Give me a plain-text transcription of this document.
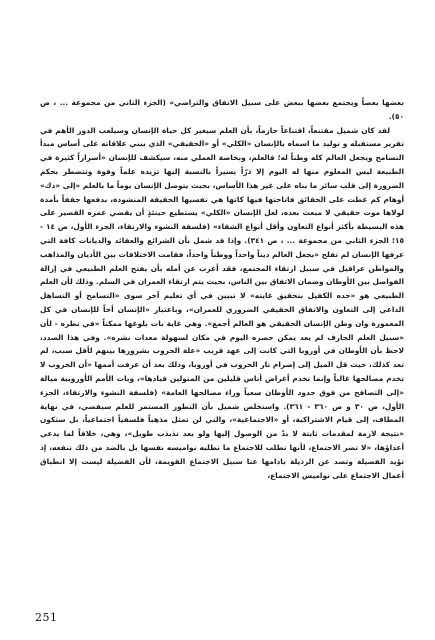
بعضها بعضاً ويجتمع بعضها ببعض على سبيل الاتفاق والتراضي» (الجزء الثاني من مجموعة ... ، ص ٥٠).

لقد كان شميل مقتنعاً، اقتناعاً حازماً، بأن العلم سيغير كل حياة الإنسان وسيلعب الدور الأهم في تقرير مستقبله و توليد ما اسماه بالإنسان «الكلي» أو «الحقيقي» الذي يبني علاقاته على أساس مبدأ التسامح ويجعل العالم كله وطناً له؛ فالعلم، وبخاصة العملي منه، سيكشف للإنسان «أسراراً كثيرة في الطبيعة ليس المعلوم منها له اليوم إلا ذرّاً يسيراً بالنسبة إليها تزيده علماً وقوة وتتضطر بحكم الضرورة إلى قلب سائر ما بناه على غير هذا الأساس، بحيث يتوصل الإنسان يوماً ما بالعلم «إلى «دك» أوهام كم غطت على الحقائق فاتاحتها فيها كاتها هي تفسيها الحقيقة المنشودة، بدفعها جففاً بأمدة لولاها موت حقيقي لا مبعث بعده، لعل الإنسان «الكلي» يستطيع حينئذٍ أن يقضي عمره القصير على هذه البسيطة بأكثر أنواع التعاون وأقل أنواع الشقاء» (فلسفة النشوء والارتقاء، الجزء الأول، ص ١٤ - ١٥؛ الجزء الثاني من مجموعة ... ، ص ٣٤١). وإذا قد شمل بأن الشرائع والعقائد والديانات كافة التي عرفها الإنسان لم تفلح «بجعل العالم ديناً واحداً ووطناً واحداً، فقامت الاختلافات بين الأديان والمذاهب والمواطن عراقيل في سبيل ارتقاء المجتمع، فقد أعرب عن أمله بأن يفتح العلم الطبيعي في إزالة الفواصل بين الأوطان وضمان الاتفاق بين الناس، بحيث يتم ارتقاء العمران في السلم. وذلك لأن العلم الطبيعي هو «حده الكفيل بتحقيق غايته» لا تبيين في أي تعليم آخر سوى «التسامح أو التساهل الداعي إلى التعاون والاتفاق الحقيقي الضروري للعمران»، وباعتبار «الإنسان أخاً للإنسان في كل المعمورة وان وطن الإنسان الحقيقي هو العالم أجمع». وهي غاية بات بلوغها ممكناً «في نظره - لأن «سبيل العلم الجارف لم يعد يمكن حصره اليوم في مكان لسهولة معدات نشره». وفي هذا الصدد، لاحظ بأن الأوطان في أوروبا التي كانت إلى عهد قريب «علة الحروب بشرورها بينهم لأقل سبب، لم تعد كذلك، حيث قل الميل إلى إضرام نار الحروب في أوروبا، وذلك بعد أن عرفت أممها «أن الحروب لا تخدم مصالحها غالباً وإنما تخدم أغراض أناس قليلين من المتولين قيادها»، وبات الأمم الأوروبية ميالة «إلى التصافح من فوق حدود الأوطان سعياً وراء مصالحها العامة» (فلسفة النشوء والارتقاء، الجزء الأول، ص ٣٠ و ص ٣٦٠ - ٣٦١). واستخلص شميل بأن التطور المستمر للعلم سيفضي، في نهاية المطاف، إلى قيام الاشتراكية، أو «الاجتماعية»، والتي لن تمثل مذهباً فلسفياً اجتماعياً، بل ستكون «نتيجة لازمة لمقدمات ثابتة لا بدّ من الوصول إليها ولو بعد تذبذب طويل»، وهي، خلافاً لما يدعي أعداؤها، «لا تضر الاجتماع، لأنها تطلب للاجتماع ما تطلبه نواميسه نفسها بل بالضد من ذلك تنفعه، إذ تؤيد الفضيلة وتصد عن الرذيلة بادامها عنا سبيل الاجتماع القويمة، لأن الفضيلة ليست إلا انطباق أعمال الاجتماع على نواميس الاجتماع،

251
